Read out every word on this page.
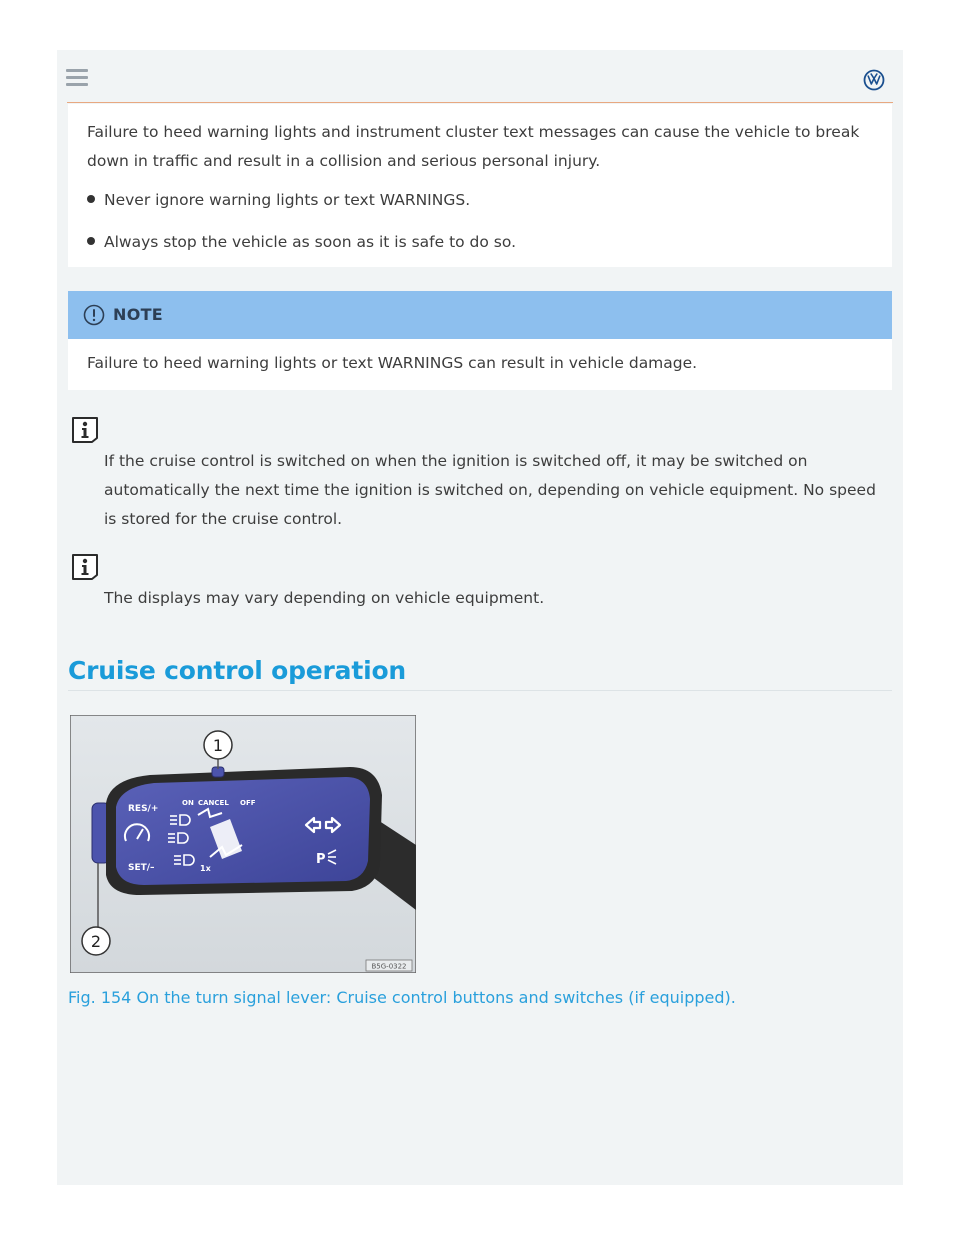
Failure to heed warning lights and instrument cluster text messages can cause the vehicle to break down in traffic and result in a collision and serious personal injury.
Never ignore warning lights or text WARNINGS.
Always stop the vehicle as soon as it is safe to do so.
NOTE
Failure to heed warning lights or text WARNINGS can result in vehicle damage.
If the cruise control is switched on when the ignition is switched off, it may be switched on automatically the next time the ignition is switched on, depending on vehicle equipment. No speed is stored for the cruise control.
The displays may vary depending on vehicle equipment.
Cruise control operation
RES/+
SET/–
ON CANCEL OFF
1x
P
1
2
B5G-0322
Fig. 154 On the turn signal lever: Cruise control buttons and switches (if equipped).
